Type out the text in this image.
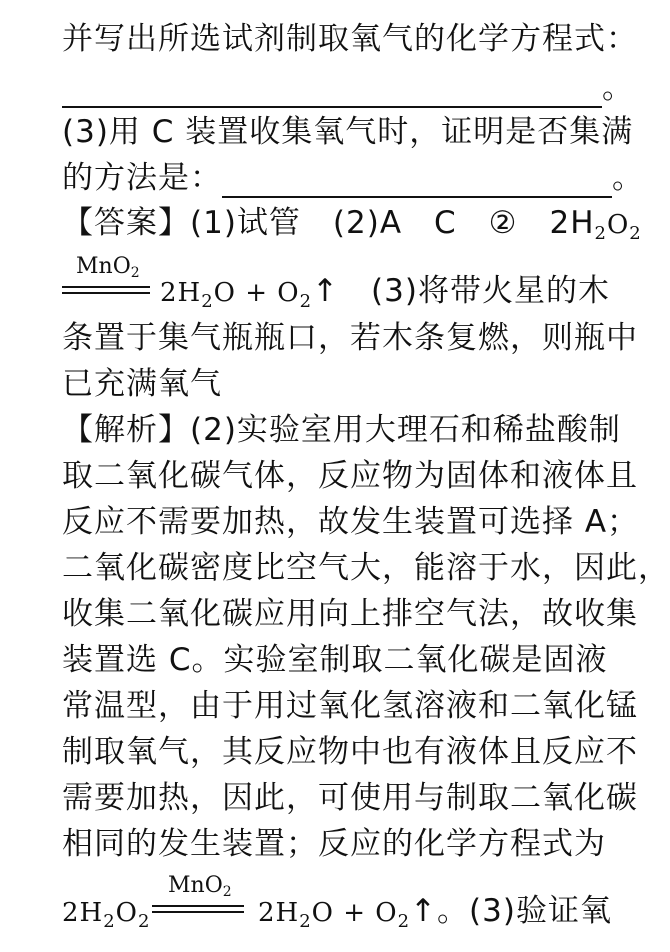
并写出所选试剂制取氧气的化学方程式：
。
(3)用 C 装置收集氧气时，证明是否集满
的方法是：	。
【答案】(1)试管　(2)A　C　②　$2H_2O_2$
MnO$_2$
$2H_2O$ + $O_2↑$　(3)将带火星的木
条置于集气瓶瓶口，若木条复燃，则瓶中
已充满氧气
【解析】(2)实验室用大理石和稀盐酸制
取二氧化碳气体，反应物为固体和液体且
反应不需要加热，故发生装置可选择 A；
二氧化碳密度比空气大，能溶于水，因此，
收集二氧化碳应用向上排空气法，故收集
装置选 C。实验室制取二氧化碳是固液
常温型，由于用过氧化氢溶液和二氧化锰
制取氧气，其反应物中也有液体且反应不
需要加热，因此，可使用与制取二氧化碳
相同的发生装置；反应的化学方程式为
MnO$_2$
$2H_2O_2$	$2H_2O$ + $O_2↑$。(3)验证氧
